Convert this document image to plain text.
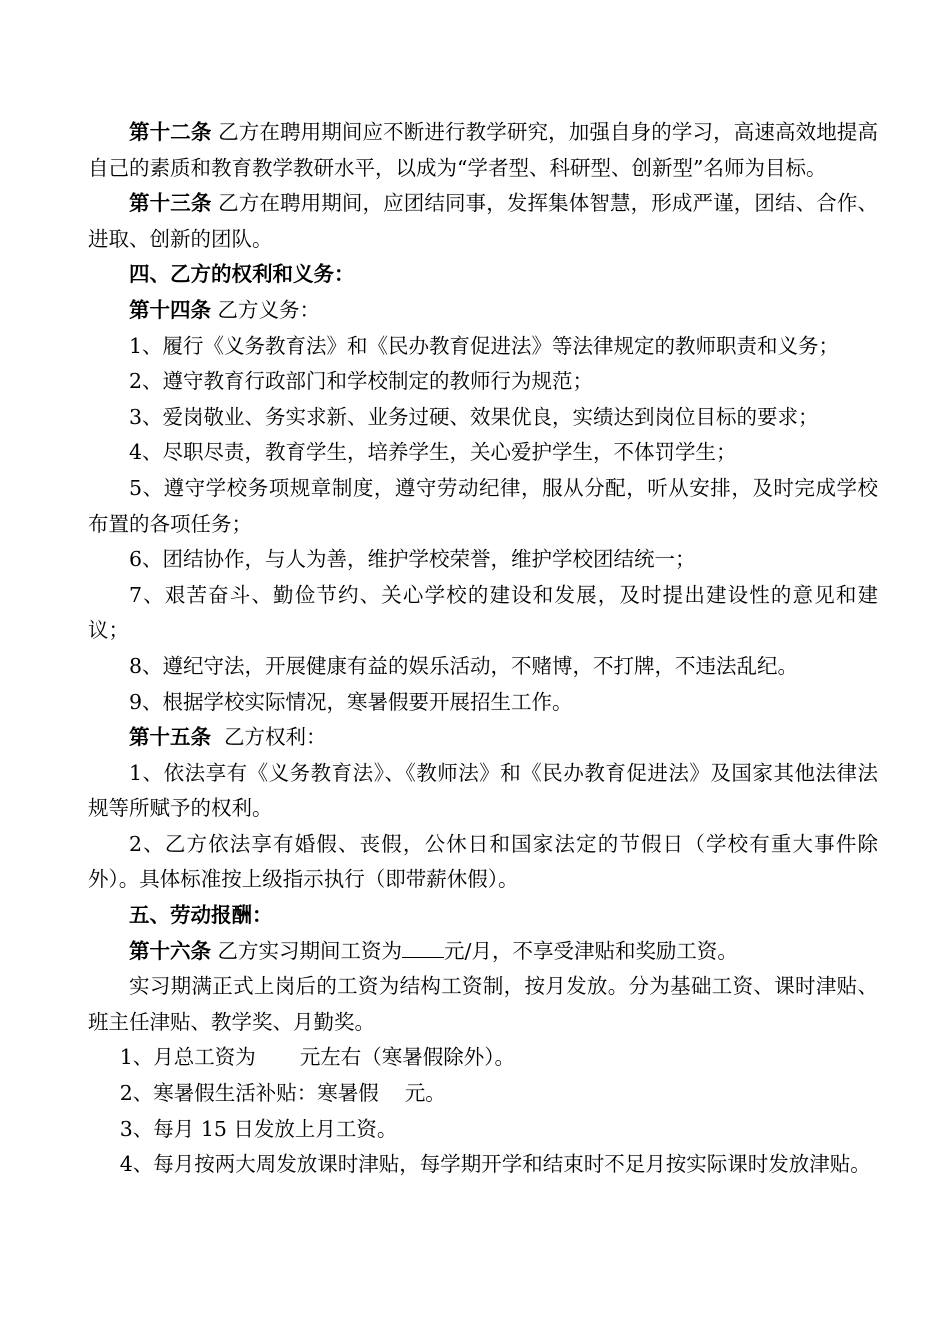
第十二条 乙方在聘用期间应不断进行教学研究，加强自身的学习，高速高效地提高自己的素质和教育教学教研水平，以成为“学者型、科研型、创新型”名师为目标。

第十三条 乙方在聘用期间，应团结同事，发挥集体智慧，形成严谨，团结、合作、进取、创新的团队。

四、乙方的权利和义务：

第十四条 乙方义务：

1、履行《义务教育法》和《民办教育促进法》等法律规定的教师职责和义务；

2、遵守教育行政部门和学校制定的教师行为规范；

3、爱岗敬业、务实求新、业务过硬、效果优良，实绩达到岗位目标的要求；

4、尽职尽责，教育学生，培养学生，关心爱护学生，不体罚学生；

5、遵守学校务项规章制度，遵守劳动纪律，服从分配，听从安排，及时完成学校布置的各项任务；

6、团结协作，与人为善，维护学校荣誉，维护学校团结统一；

7、艰苦奋斗、勤俭节约、关心学校的建设和发展，及时提出建设性的意见和建议；

8、遵纪守法，开展健康有益的娱乐活动，不赌博，不打牌，不违法乱纪。

9、根据学校实际情况，寒暑假要开展招生工作。

第十五条  乙方权利：

1、依法享有《义务教育法》、《教师法》和《民办教育促进法》及国家其他法律法规等所赋予的权利。

2、乙方依法享有婚假、丧假，公休日和国家法定的节假日（学校有重大事件除外）。具体标准按上级指示执行（即带薪休假）。

五、劳动报酬：

第十六条 乙方实习期间工资为 元/月，不享受津贴和奖励工资。

实习期满正式上岗后的工资为结构工资制，按月发放。分为基础工资、课时津贴、班主任津贴、教学奖、月勤奖。

1、月总工资为 元左右（寒暑假除外）。

2、寒暑假生活补贴：寒暑假 元。

3、每月 15 日发放上月工资。

4、每月按两大周发放课时津贴，每学期开学和结束时不足月按实际课时发放津贴。
